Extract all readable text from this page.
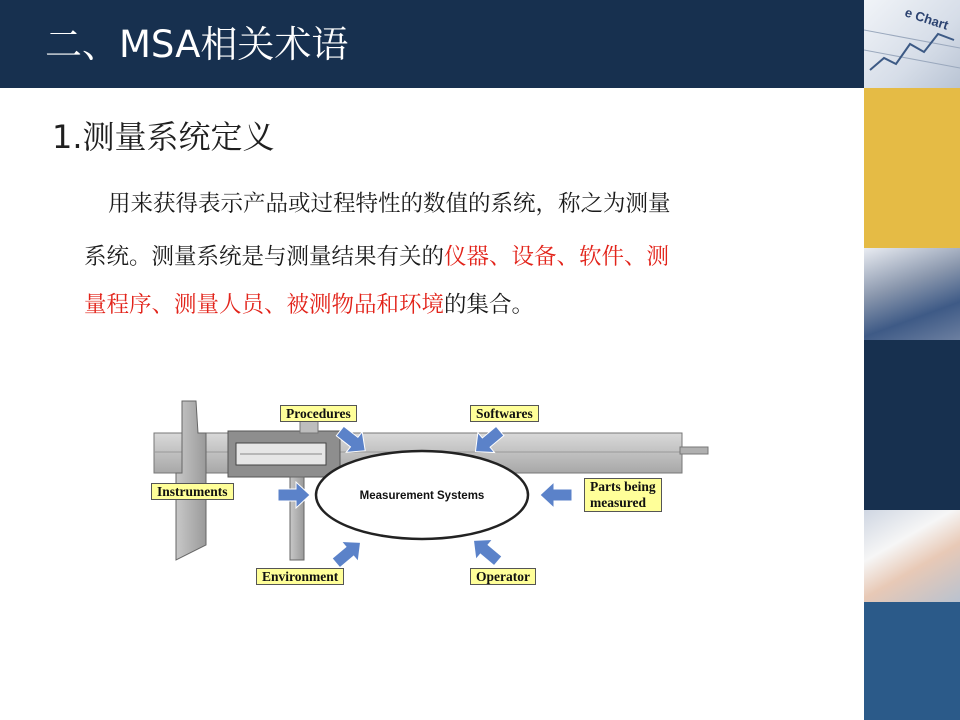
二、MSA相关术语
e Chart
1.测量系统定义
用来获得表示产品或过程特性的数值的系统，称之为测量
系统。测量系统是与测量结果有关的仪器、设备、软件、测
量程序、测量人员、被测物品和环境的集合。
Measurement Systems
Procedures	Softwares
Instruments	Parts being
measured
Environment	Operator
